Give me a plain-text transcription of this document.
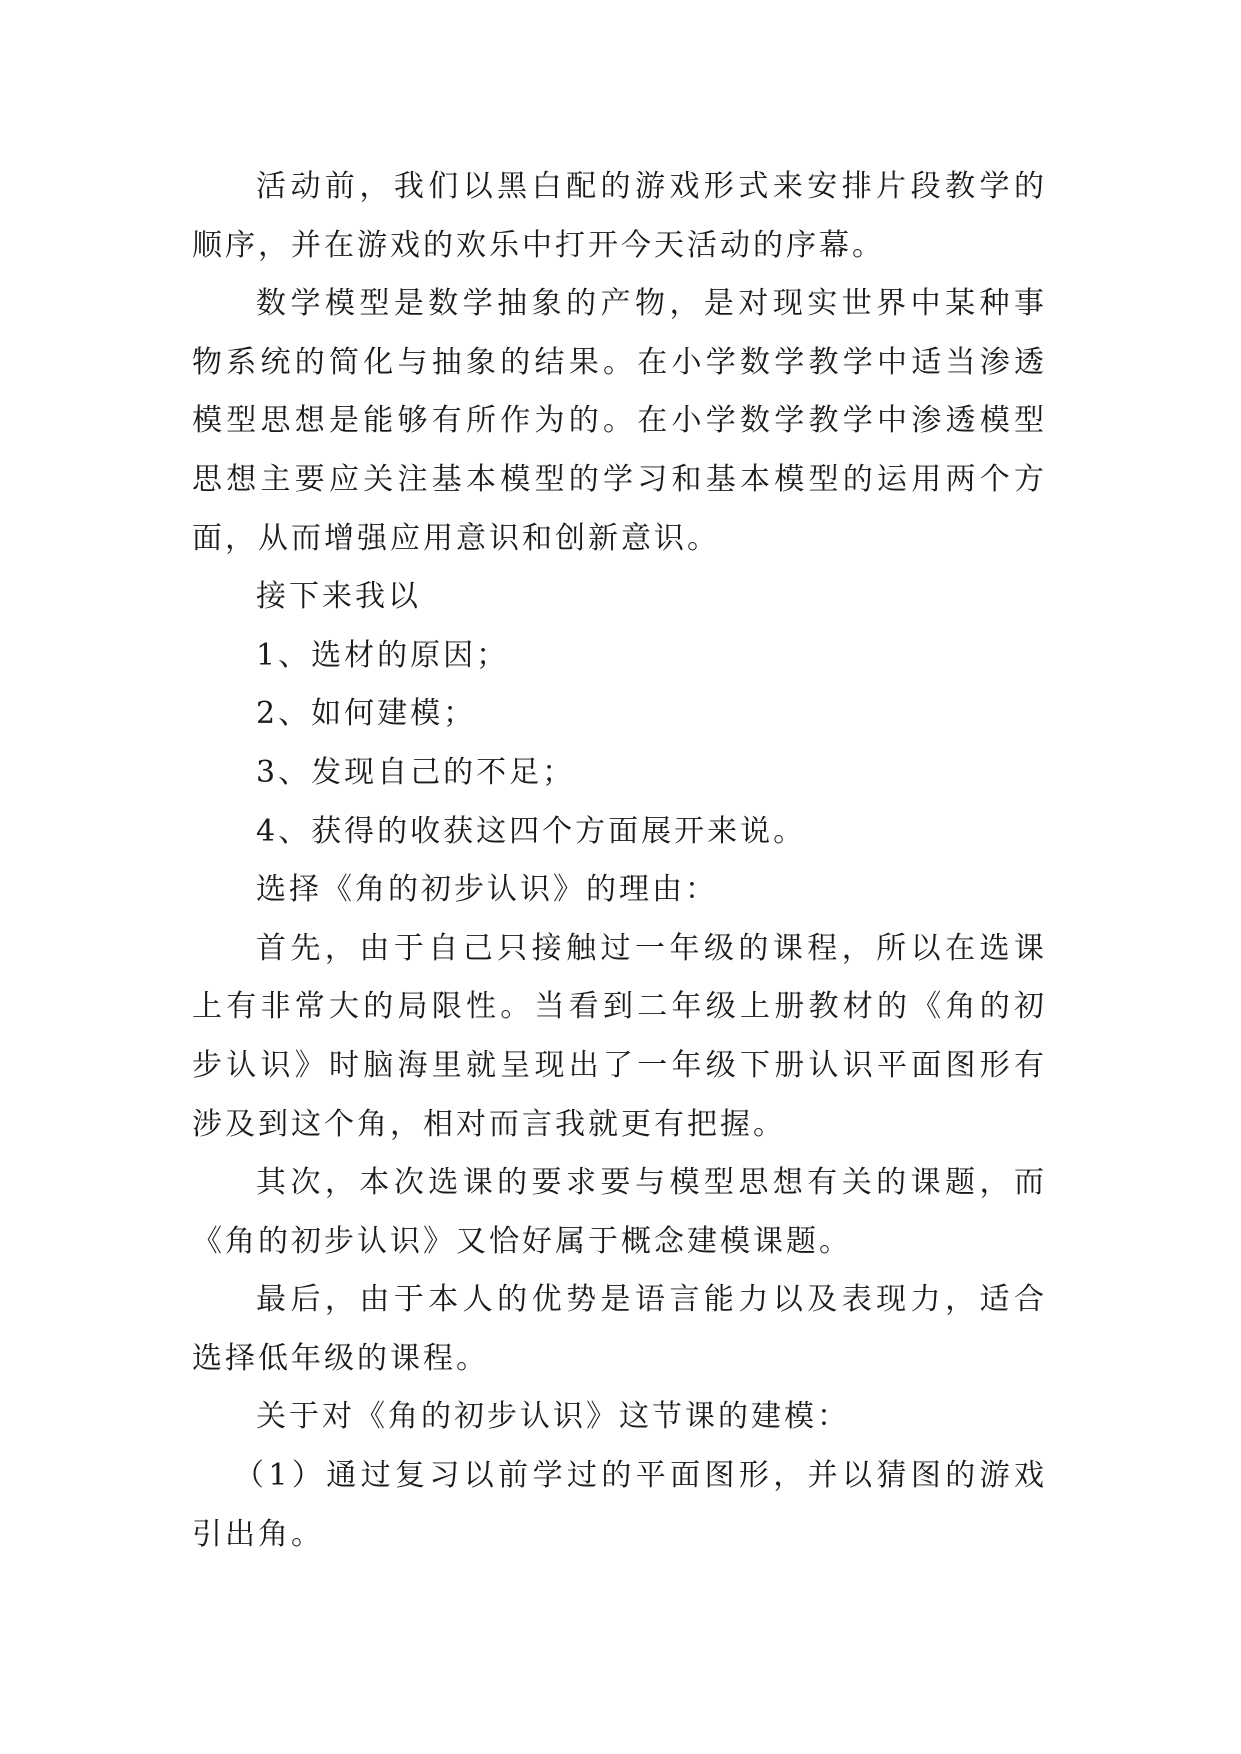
活动前，我们以黑白配的游戏形式来安排片段教学的顺序，并在游戏的欢乐中打开今天活动的序幕。

数学模型是数学抽象的产物，是对现实世界中某种事物系统的简化与抽象的结果。在小学数学教学中适当渗透模型思想是能够有所作为的。在小学数学教学中渗透模型思想主要应关注基本模型的学习和基本模型的运用两个方面，从而增强应用意识和创新意识。

接下来我以

1、选材的原因；

2、如何建模；

3、发现自己的不足；

4、获得的收获这四个方面展开来说。

选择《角的初步认识》的理由：

首先，由于自己只接触过一年级的课程，所以在选课上有非常大的局限性。当看到二年级上册教材的《角的初步认识》时脑海里就呈现出了一年级下册认识平面图形有涉及到这个角，相对而言我就更有把握。

其次，本次选课的要求要与模型思想有关的课题，而《角的初步认识》又恰好属于概念建模课题。

最后，由于本人的优势是语言能力以及表现力，适合选择低年级的课程。

关于对《角的初步认识》这节课的建模：

（1）通过复习以前学过的平面图形，并以猜图的游戏引出角。
